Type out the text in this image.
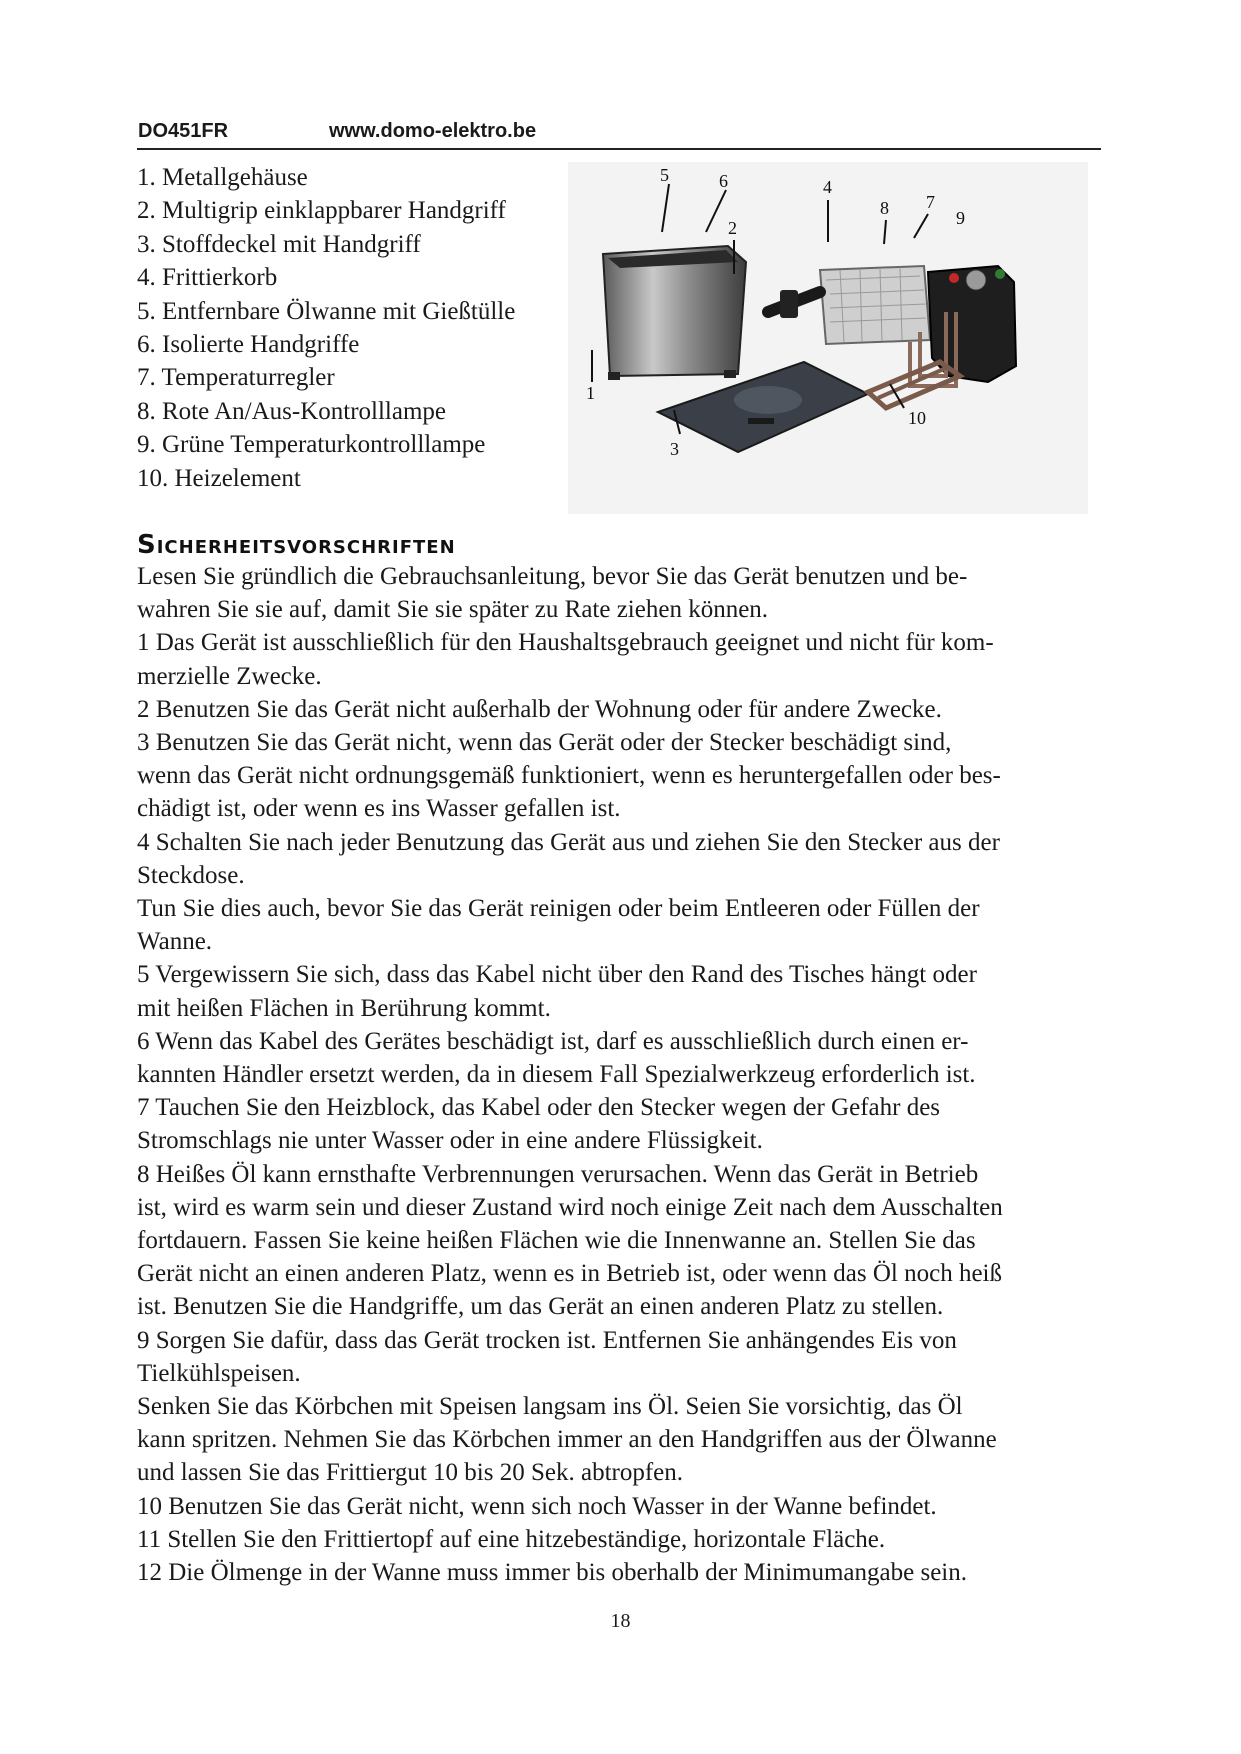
DO451FR	www.domo-elektro.be
1. Metallgehäuse
2. Multigrip einklappbarer Handgriff
3. Stoffdeckel mit Handgriff
4. Frittierkorb
5. Entfernbare Ölwanne mit Gießtülle
6. Isolierte Handgriffe
7. Temperaturregler
8. Rote An/Aus-Kontrolllampe
9. Grüne Temperaturkontrolllampe
10. Heizelement
5	6	4
8 7
9
2
1
10
3
Sicherheitsvorschriften

Lesen Sie gründlich die Gebrauchsanleitung, bevor Sie das Gerät benutzen und be-

wahren Sie sie auf, damit Sie sie später zu Rate ziehen können.

1 Das Gerät ist ausschließlich für den Haushaltsgebrauch geeignet und nicht für kom-

merzielle Zwecke.

2 Benutzen Sie das Gerät nicht außerhalb der Wohnung oder für andere Zwecke.

3 Benutzen Sie das Gerät nicht, wenn das Gerät oder der Stecker beschädigt sind,

wenn das Gerät nicht ordnungsgemäß funktioniert, wenn es heruntergefallen oder bes-

chädigt ist, oder wenn es ins Wasser gefallen ist.

4 Schalten Sie nach jeder Benutzung das Gerät aus und ziehen Sie den Stecker aus der

Steckdose.

Tun Sie dies auch, bevor Sie das Gerät reinigen oder beim Entleeren oder Füllen der

Wanne.

5 Vergewissern Sie sich, dass das Kabel nicht über den Rand des Tisches hängt oder

mit heißen Flächen in Berührung kommt.

6 Wenn das Kabel des Gerätes beschädigt ist, darf es ausschließlich durch einen er-

kannten Händler ersetzt werden, da in diesem Fall Spezialwerkzeug erforderlich ist.

7 Tauchen Sie den Heizblock, das Kabel oder den Stecker wegen der Gefahr des

Stromschlags nie unter Wasser oder in eine andere Flüssigkeit.

8 Heißes Öl kann ernsthafte Verbrennungen verursachen. Wenn das Gerät in Betrieb

ist, wird es warm sein und dieser Zustand wird noch einige Zeit nach dem Ausschalten

fortdauern. Fassen Sie keine heißen Flächen wie die Innenwanne an. Stellen Sie das

Gerät nicht an einen anderen Platz, wenn es in Betrieb ist, oder wenn das Öl noch heiß

ist. Benutzen Sie die Handgriffe, um das Gerät an einen anderen Platz zu stellen.

9 Sorgen Sie dafür, dass das Gerät trocken ist. Entfernen Sie anhängendes Eis von

Tielkühlspeisen.

Senken Sie das Körbchen mit Speisen langsam ins Öl. Seien Sie vorsichtig, das Öl

kann spritzen. Nehmen Sie das Körbchen immer an den Handgriffen aus der Ölwanne

und lassen Sie das Frittiergut 10 bis 20 Sek. abtropfen.

10 Benutzen Sie das Gerät nicht, wenn sich noch Wasser in der Wanne befindet.

11 Stellen Sie den Frittiertopf auf eine hitzebeständige, horizontale Fläche.

12 Die Ölmenge in der Wanne muss immer bis oberhalb der Minimumangabe sein.

18
